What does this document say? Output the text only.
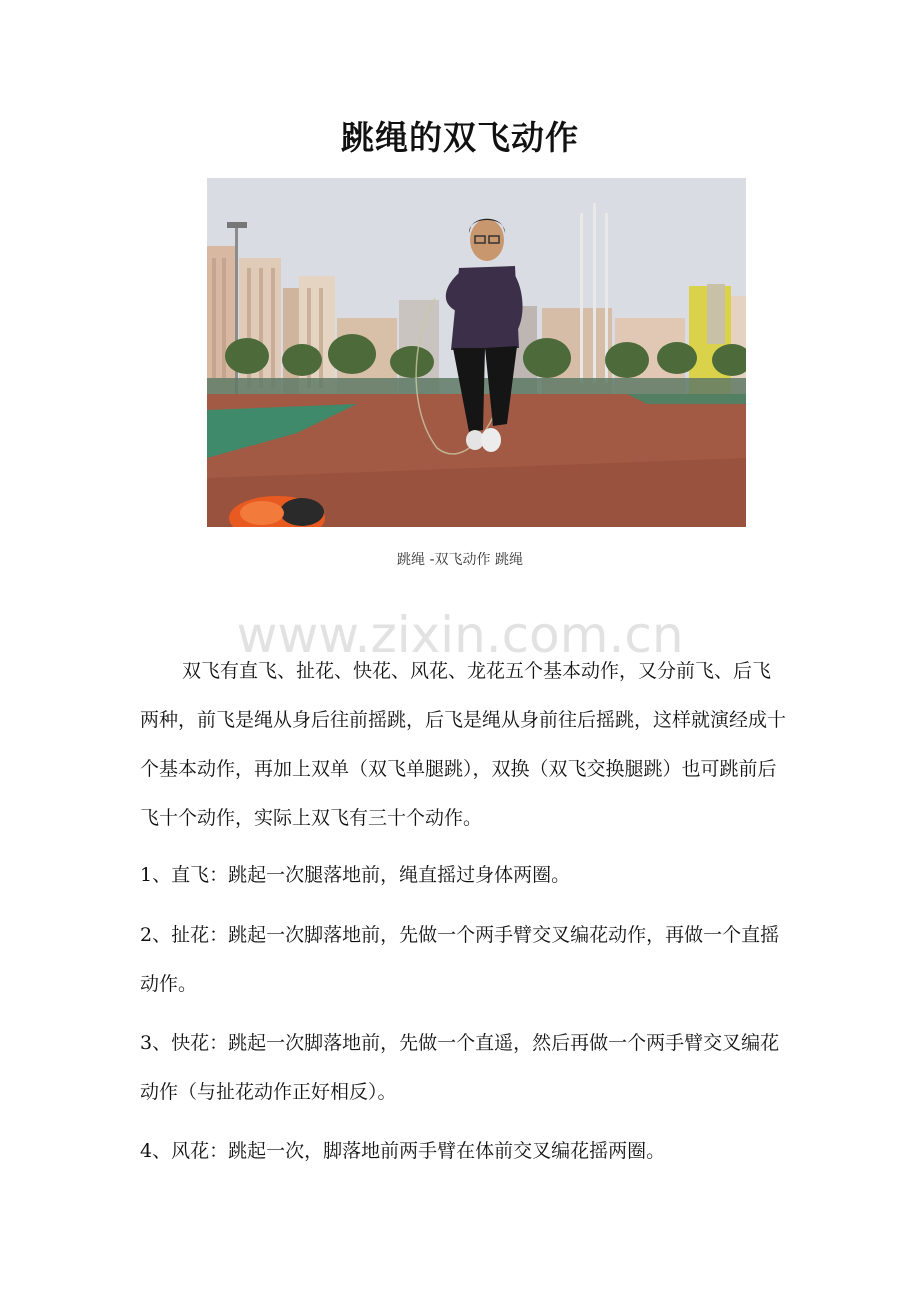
跳绳的双飞动作
跳绳 -双飞动作 跳绳
www.zixin.com.cn

双飞有直飞、扯花、快花、风花、龙花五个基本动作，又分前飞、后飞两种，前飞是绳从身后往前摇跳，后飞是绳从身前往后摇跳，这样就演经成十个基本动作，再加上双单（双飞单腿跳），双换（双飞交换腿跳）也可跳前后飞十个动作，实际上双飞有三十个动作。

1、直飞：跳起一次腿落地前，绳直摇过身体两圈。

2、扯花：跳起一次脚落地前，先做一个两手臂交叉编花动作，再做一个直摇动作。

3、快花：跳起一次脚落地前，先做一个直遥，然后再做一个两手臂交叉编花动作（与扯花动作正好相反）。

4、风花：跳起一次，脚落地前两手臂在体前交叉编花摇两圈。
